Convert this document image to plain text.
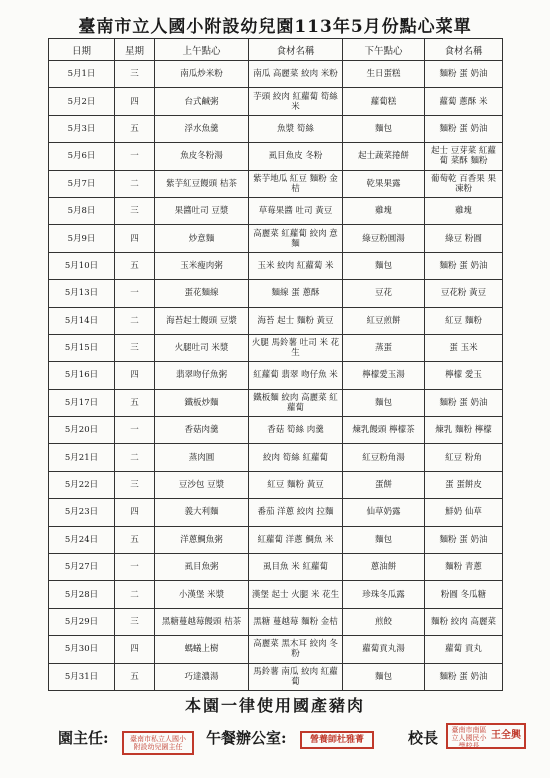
臺南市立人國小附設幼兒園113年5月份點心菜單
日期	星期	上午點心	食材名稱	下午點心	食材名稱
5月1日	三	南瓜炒米粉	南瓜 高麗菜 絞肉 米粉	生日蛋糕	麵粉 蛋 奶油
5月2日	四	台式鹹粥	芋頭 絞肉 紅蘿蔔 筍絲 米	蘿蔔糕	蘿蔔 蔥酥 米
5月3日	五	浮水魚羹	魚漿 筍絲	麵包	麵粉 蛋 奶油
5月6日	一	魚皮冬粉湯	虱目魚皮 冬粉	起士蔬菜捲餅	起士 豆芽菜 紅蘿蔔 菜酥 麵粉
5月7日	二	紫芋紅豆饅頭 桔茶	紫芋地瓜 紅豆 麵粉 金桔	乾果果露	葡萄乾 百香果 果凍粉
5月8日	三	果醬吐司 豆漿	草莓果醬 吐司 黃豆	雞塊	雞塊
5月9日	四	炒意麵	高麗菜 紅蘿蔔 絞肉 意麵	綠豆粉圓湯	綠豆 粉圓
5月10日	五	玉米瘦肉粥	玉米 絞肉 紅蘿蔔 米	麵包	麵粉 蛋 奶油
5月13日	一	蛋花麵線	麵線 蛋 蔥酥	豆花	豆花粉 黃豆
5月14日	二	海苔起士饅頭 豆漿	海苔 起士 麵粉 黃豆	紅豆煎餅	紅豆 麵粉
5月15日	三	火腿吐司 米漿	火腿 馬鈴薯 吐司 米 花生	蒸蛋	蛋 玉米
5月16日	四	翡翠吻仔魚粥	紅蘿蔔 翡翠 吻仔魚 米	檸檬愛玉湯	檸檬 愛玉
5月17日	五	鐵板炒麵	鐵板麵 絞肉 高麗菜 紅蘿蔔	麵包	麵粉 蛋 奶油
5月20日	一	香菇肉羹	香菇 筍絲 肉羹	煉乳饅頭 檸檬茶	煉乳 麵粉 檸檬
5月21日	二	蒸肉圓	絞肉 筍絲 紅蘿蔔	紅豆粉角湯	紅豆 粉角
5月22日	三	豆沙包 豆漿	紅豆 麵粉 黃豆	蛋餅	蛋 蛋餅皮
5月23日	四	義大利麵	番茄 洋蔥 絞肉 拉麵	仙草奶露	鮮奶 仙草
5月24日	五	洋蔥鯛魚粥	紅蘿蔔 洋蔥 鯛魚 米	麵包	麵粉 蛋 奶油
5月27日	一	虱目魚粥	虱目魚 米 紅蘿蔔	蔥油餅	麵粉 青蔥
5月28日	二	小漢堡 米漿	漢堡 起士 火腿 米 花生	珍珠冬瓜露	粉圓 冬瓜糖
5月29日	三	黑糖蔓越莓饅頭 桔茶	黑糖 蔓越莓 麵粉 金桔	煎餃	麵粉 絞肉 高麗菜
5月30日	四	螞蟻上樹	高麗菜 黑木耳 絞肉 冬粉	蘿蔔貢丸湯	蘿蔔 貢丸
5月31日	五	巧達濃湯	馬鈴薯 南瓜 絞肉 紅蘿蔔	麵包	麵粉 蛋 奶油
本園一律使用國產豬肉
園主任:	臺南市私立人國小附設幼兒園主任	午餐辦公室:	營養師杜雅菁	校長	臺南市南區立人國民小學校長
王全興
